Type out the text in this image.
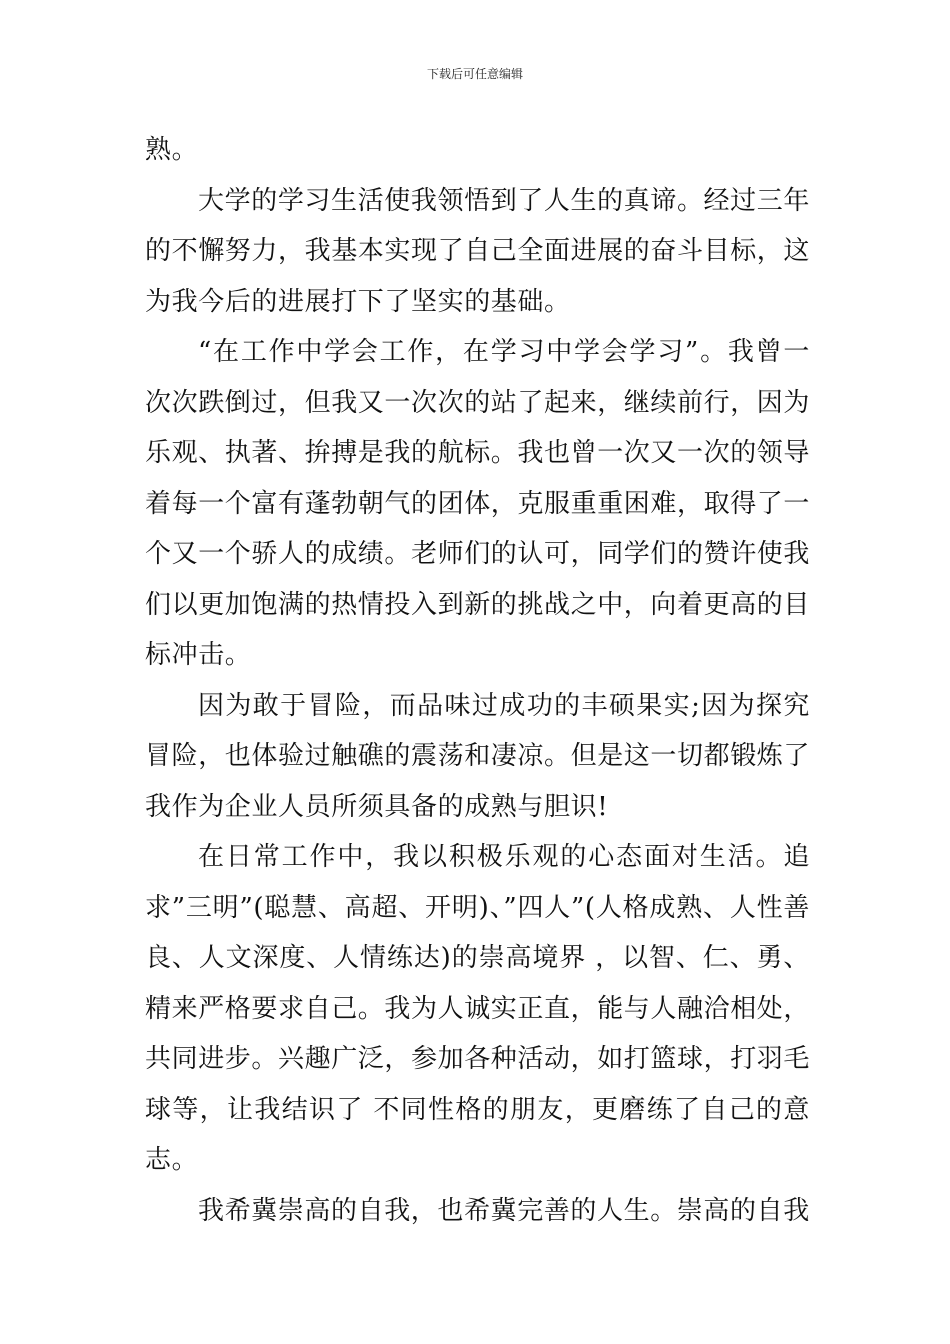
下载后可任意编辑

熟。

大学的学习生活使我领悟到了人生的真谛。经过三年的不懈努力，我基本实现了自己全面进展的奋斗目标，这为我今后的进展打下了坚实的基础。

“在工作中学会工作，在学习中学会学习”。我曾一次次跌倒过，但我又一次次的站了起来，继续前行，因为乐观、执著、拚搏是我的航标。我也曾一次又一次的领导着每一个富有蓬勃朝气的团体，克服重重困难，取得了一个又一个骄人的成绩。老师们的认可，同学们的赞许使我们以更加饱满的热情投入到新的挑战之中，向着更高的目标冲击。

因为敢于冒险，而品味过成功的丰硕果实;因为探究冒险，也体验过触礁的震荡和凄凉。但是这一切都锻炼了我作为企业人员所须具备的成熟与胆识!

在日常工作中，我以积极乐观的心态面对生活。追求”三明”(聪慧、高超、开明)、”四人”(人格成熟、人性善良、人文深度、人情练达)的崇高境界 ，以智、仁、勇、精来严格要求自己。我为人诚实正直，能与人融洽相处，共同进步。兴趣广泛，参加各种活动，如打篮球，打羽毛球等，让我结识了 不同性格的朋友，更磨练了自己的意志。

我希冀崇高的自我，也希冀完善的人生。崇高的自我
